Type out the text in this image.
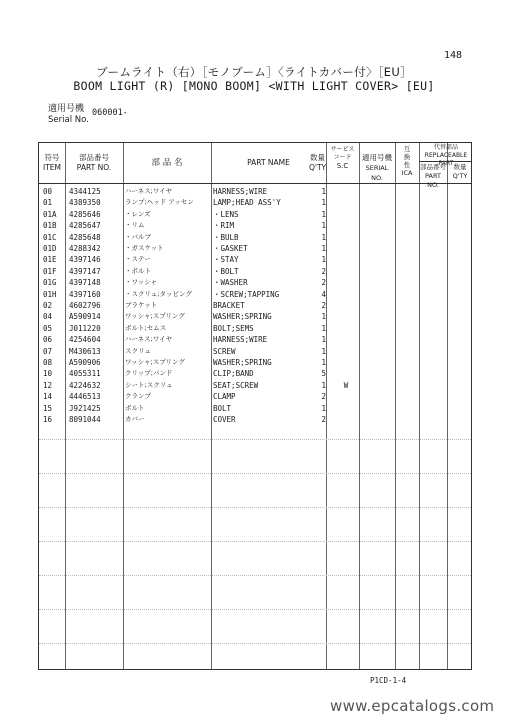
148
ブームライト（右）［モノブーム］〈ライトカバー付〉［EU］
BOOM LIGHT (R) [MONO BOOM] <WITH LIGHT COVER> [EU]
適用号機
Serial No.
060001-
符号
ITEM
部品番号
PART NO.	部 品 名	PART NAME
数量
Q'TY
サービスコード
S.C
適用号機
SERIAL NO.
互換性
ICA
代替部品
REPLACEABLE PART
部品番号
PART NO.
数量
Q'TY
00	4344125	ハーネス;ワイヤ	HARNESS;WIRE	1
01	4389350	ランプ;ヘッド アッセン	LAMP;HEAD ASS'Y	1
01A	4285646	・レンズ	・LENS	1
01B	4285647	・リム	・RIM	1
01C	4285648	・バルブ	・BULB	1
01D	4288342	・ガスケット	・GASKET	1
01E	4397146	・ステー	・STAY	1
01F	4397147	・ボルト	・BOLT	2
01G	4397148	・ワッシャ	・WASHER	2
01H	4397160	・スクリュ;タッピング	・SCREW;TAPPING	4
02	4602796	ブラケット	BRACKET	2
04	A590914	ワッシャ;スプリング	WASHER;SPRING	1
05	J011220	ボルト;セムス	BOLT;SEMS	1
06	4254604	ハーネス;ワイヤ	HARNESS;WIRE	1
07	M430613	スクリュ	SCREW	1
08	A590906	ワッシャ;スプリング	WASHER;SPRING	1
10	4055311	クリップ;バンド	CLIP;BAND	5
12	4224632	シート;スクリュ	SEAT;SCREW	1	W
14	4446513	クランプ	CLAMP	2
15	J921425	ボルト	BOLT	1
16	8091044	カバー	COVER	2
P1CD-1-4
www.epcatalogs.com
